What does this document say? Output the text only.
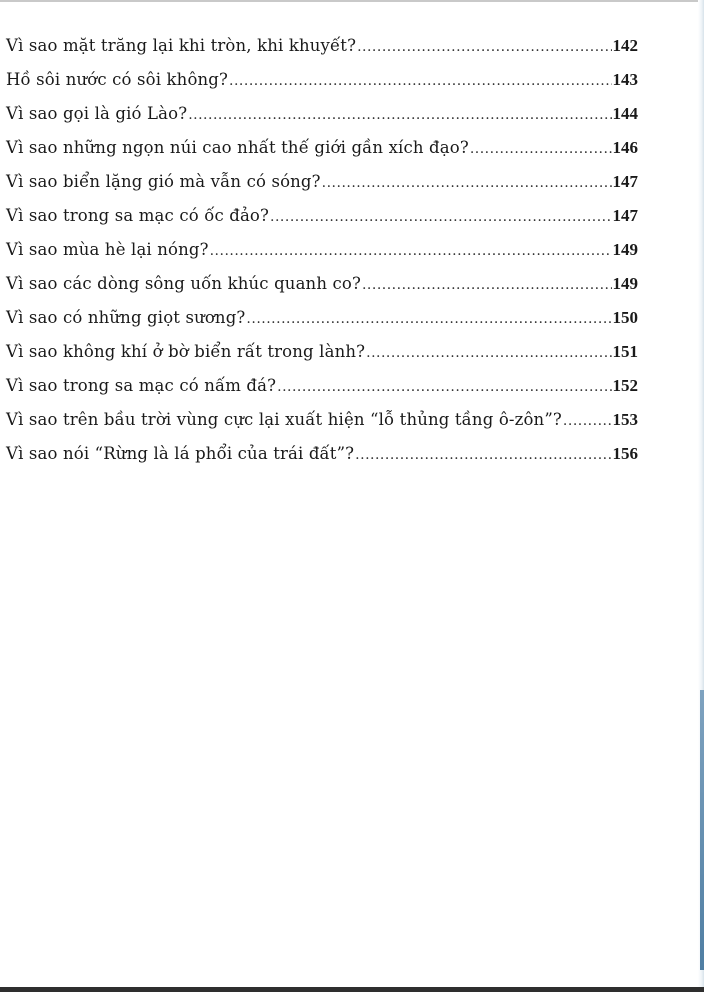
Vì sao mặt trăng lại khi tròn, khi khuyết? .....	142
Hồ sôi nước có sôi không? .....	143
Vì sao gọi là gió Lào? .....	144
Vì sao những ngọn núi cao nhất thế giới gần xích đạo? .....	146
Vì sao biển lặng gió mà vẫn có sóng? .....	147
Vì sao trong sa mạc có ốc đảo? .....	147
Vì sao mùa hè lại nóng? .....	149
Vì sao các dòng sông uốn khúc quanh co? .....	149
Vì sao có những giọt sương? .....	150
Vì sao không khí ở bờ biển rất trong lành? .....	151
Vì sao trong sa mạc có nấm đá? .....	152
Vì sao trên bầu trời vùng cực lại xuất hiện “lỗ thủng tầng ô-zôn”? .....	153
Vì sao nói “Rừng là lá phổi của trái đất”? .....	156
